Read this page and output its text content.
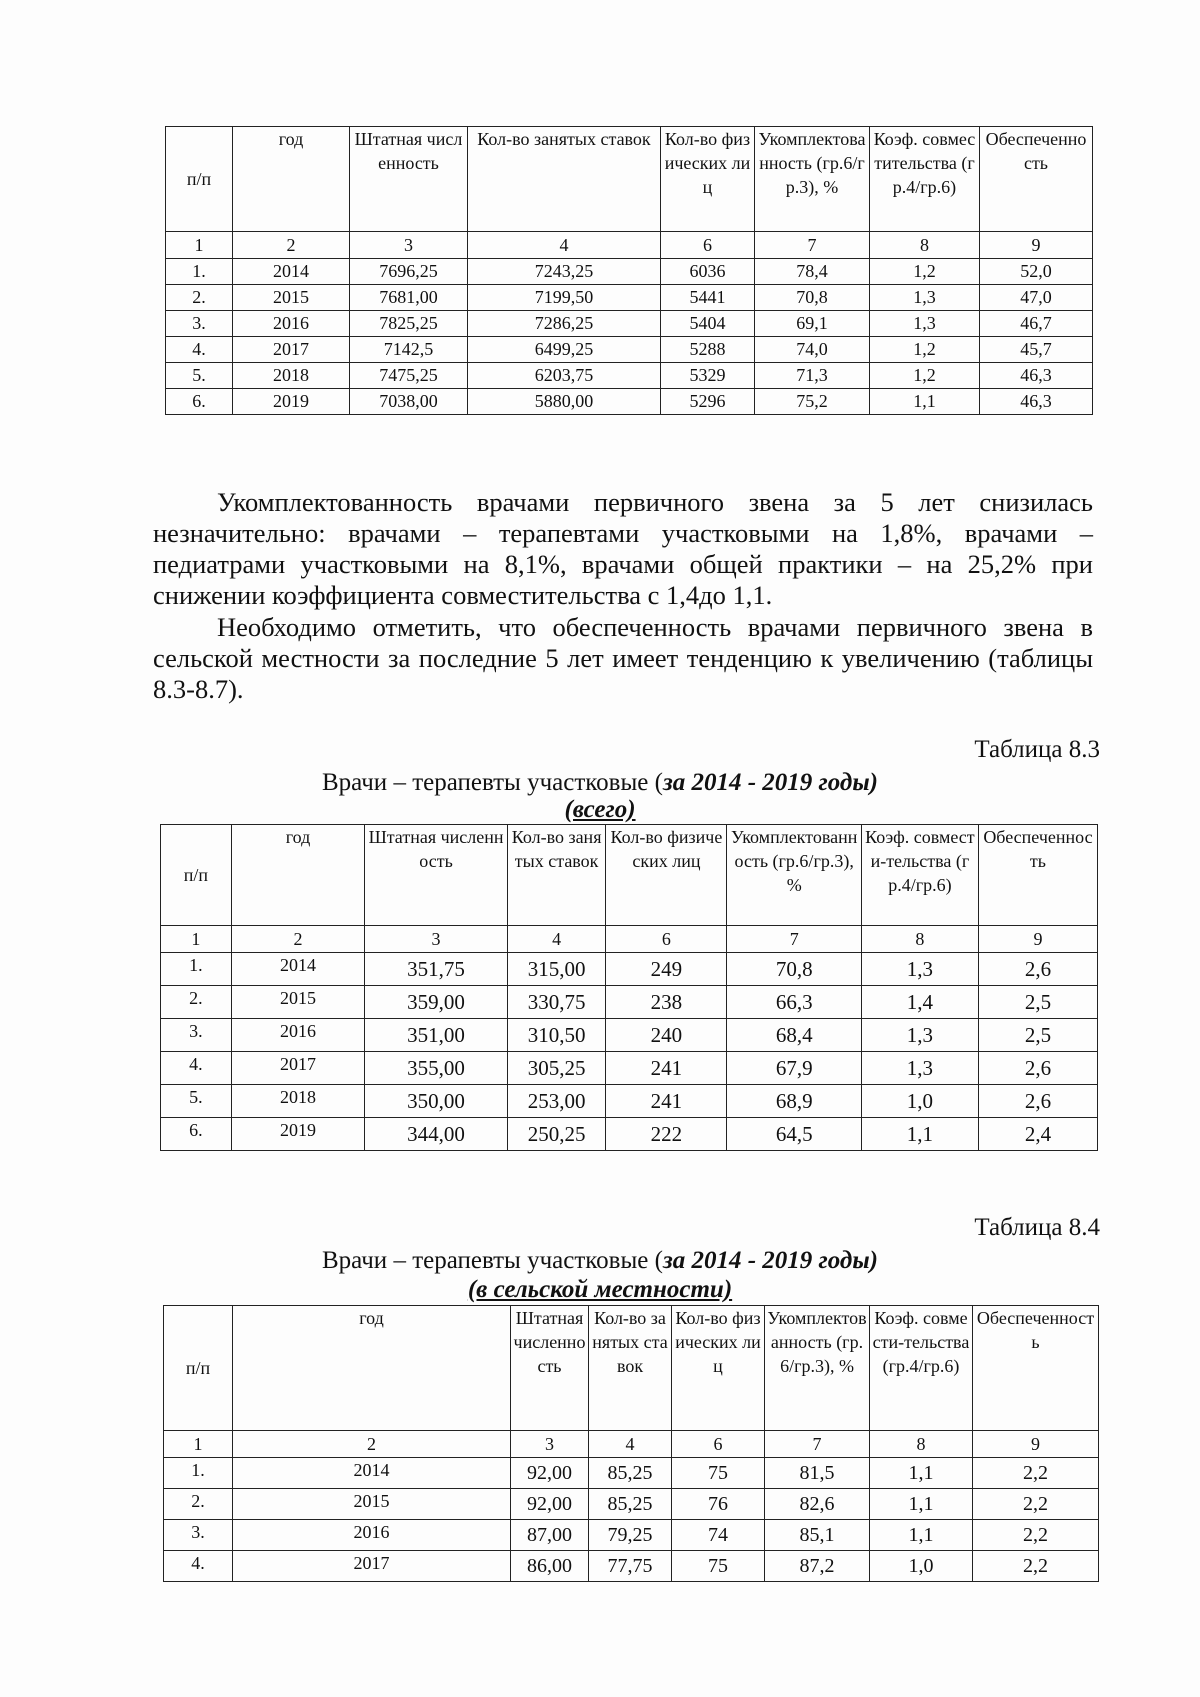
п/п	год	Штатная численность	Кол-во занятых ставок	Кол-во физических лиц	Укомплектованность (гр.6/гр.3), %	Коэф. совместительства (гр.4/гр.6)	Обеспеченность
1	2	3	4	6	7	8	9
1.	2014	7696,25	7243,25	6036	78,4	1,2	52,0
2.	2015	7681,00	7199,50	5441	70,8	1,3	47,0
3.	2016	7825,25	7286,25	5404	69,1	1,3	46,7
4.	2017	7142,5	6499,25	5288	74,0	1,2	45,7
5.	2018	7475,25	6203,75	5329	71,3	1,2	46,3
6.	2019	7038,00	5880,00	5296	75,2	1,1	46,3

Укомплектованность врачами первичного звена за 5 лет снизилась незначительно: врачами – терапевтами участковыми на 1,8%, врачами – педиатрами участковыми на 8,1%, врачами общей практики – на 25,2% при снижении коэффициента совместительства с 1,4до 1,1.

Необходимо отметить, что обеспеченность врачами первичного звена в сельской местности за последние 5 лет имеет тенденцию к увеличению (таблицы 8.3-8.7).

Таблица 8.3
Врачи – терапевты участковые (за 2014 - 2019 годы)
(всего)
п/п	год	Штатная численность	Кол-во занятых ставок	Кол-во физических лиц	Укомплектованность (гр.6/гр.3), %	Коэф. совмести-тельства (гр.4/гр.6)	Обеспеченность
1	2	3	4	6	7	8	9
1.	2014	351,75	315,00	249	70,8	1,3	2,6
2.	2015	359,00	330,75	238	66,3	1,4	2,5
3.	2016	351,00	310,50	240	68,4	1,3	2,5
4.	2017	355,00	305,25	241	67,9	1,3	2,6
5.	2018	350,00	253,00	241	68,9	1,0	2,6
6.	2019	344,00	250,25	222	64,5	1,1	2,4
Таблица 8.4
Врачи – терапевты участковые (за 2014 - 2019 годы)
(в сельской местности)
п/п	год	Штатная численность	Кол-во занятых ставок	Кол-во физических лиц	Укомплектованность (гр.6/гр.3), %	Коэф. совмести-тельства (гр.4/гр.6)	Обеспеченность
1	2	3	4	6	7	8	9
1.	2014	92,00	85,25	75	81,5	1,1	2,2
2.	2015	92,00	85,25	76	82,6	1,1	2,2
3.	2016	87,00	79,25	74	85,1	1,1	2,2
4.	2017	86,00	77,75	75	87,2	1,0	2,2
